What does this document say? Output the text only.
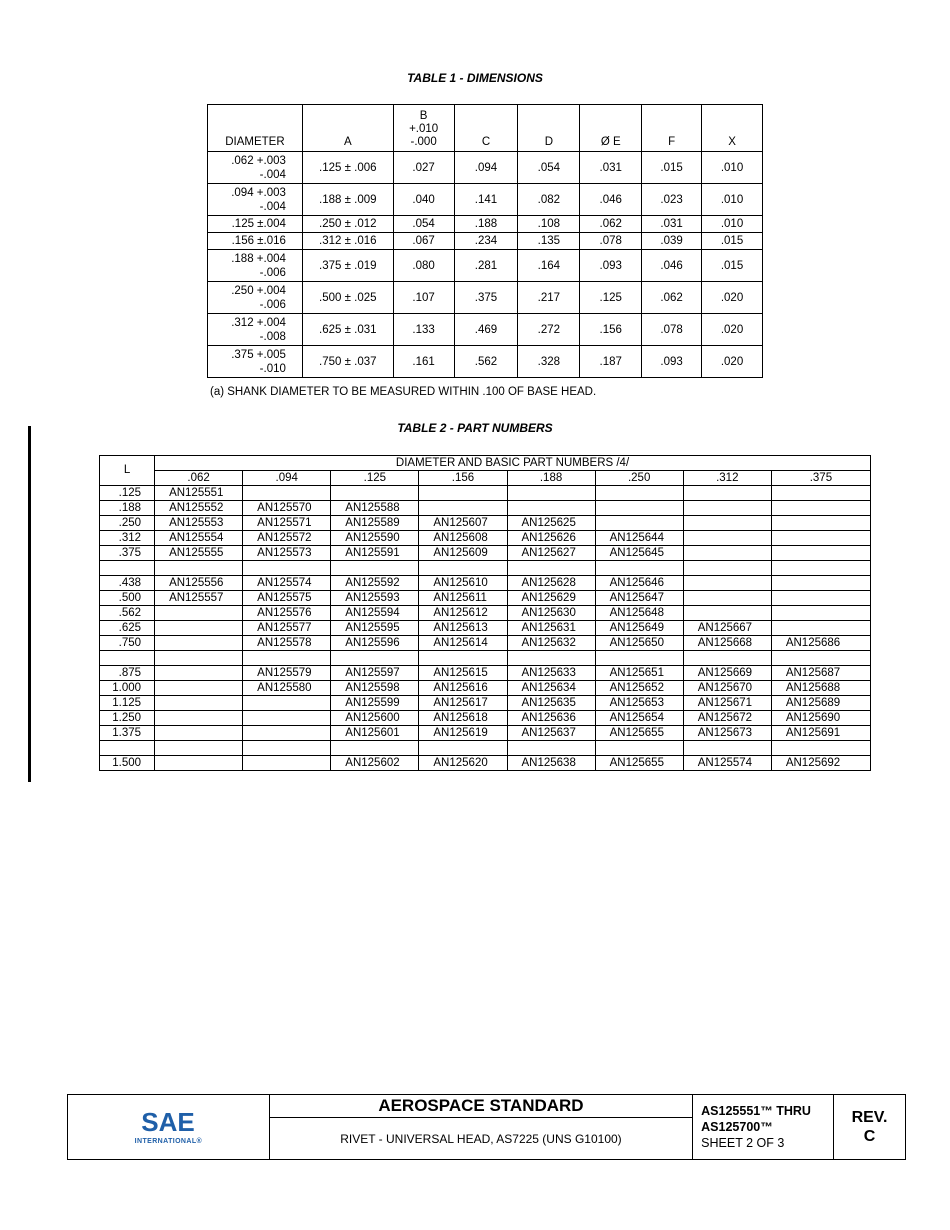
TABLE 1 - DIMENSIONS
DIAMETER	A	B
+.010
-.000	C	D	Ø E	F	X

.062 +.003
-.004	.125 ± .006	.027	.094	.054	.031	.015	.010

.094 +.003
-.004	.188 ± .009	.040	.141	.082	.046	.023	.010

.125 ±.004	.250 ± .012	.054	.188	.108	.062	.031	.010

.156 ±.016	.312 ± .016	.067	.234	.135	.078	.039	.015

.188 +.004
-.006	.375 ± .019	.080	.281	.164	.093	.046	.015

.250 +.004
-.006	.500 ± .025	.107	.375	.217	.125	.062	.020

.312 +.004
-.008	.625 ± .031	.133	.469	.272	.156	.078	.020

.375 +.005
-.010	.750 ± .037	.161	.562	.328	.187	.093	.020
(a) SHANK DIAMETER TO BE MEASURED WITHIN .100 OF BASE HEAD.
TABLE 2 - PART NUMBERS
L	DIAMETER AND BASIC PART NUMBERS /4/							
	.062	.094	.125	.156	.188	.250	.312	.375
.125	AN125551							
.188	AN125552	AN125570	AN125588					
.250	AN125553	AN125571	AN125589	AN125607	AN125625			
.312	AN125554	AN125572	AN125590	AN125608	AN125626	AN125644		
.375	AN125555	AN125573	AN125591	AN125609	AN125627	AN125645		

.438	AN125556	AN125574	AN125592	AN125610	AN125628	AN125646		
.500	AN125557	AN125575	AN125593	AN125611	AN125629	AN125647		
.562		AN125576	AN125594	AN125612	AN125630	AN125648		
.625		AN125577	AN125595	AN125613	AN125631	AN125649	AN125667	
.750		AN125578	AN125596	AN125614	AN125632	AN125650	AN125668	AN125686

.875		AN125579	AN125597	AN125615	AN125633	AN125651	AN125669	AN125687
1.000		AN125580	AN125598	AN125616	AN125634	AN125652	AN125670	AN125688
1.125			AN125599	AN125617	AN125635	AN125653	AN125671	AN125689
1.250			AN125600	AN125618	AN125636	AN125654	AN125672	AN125690
1.375			AN125601	AN125619	AN125637	AN125655	AN125673	AN125691

1.500			AN125602	AN125620	AN125638	AN125655	AN125574	AN125692
SAE
INTERNATIONAL®
	AEROSPACE STANDARD	AS125551™ THRU
AS125700™
SHEET 2 OF 3

REV.
C

RIVET - UNIVERSAL HEAD, AS7225 (UNS G10100)
